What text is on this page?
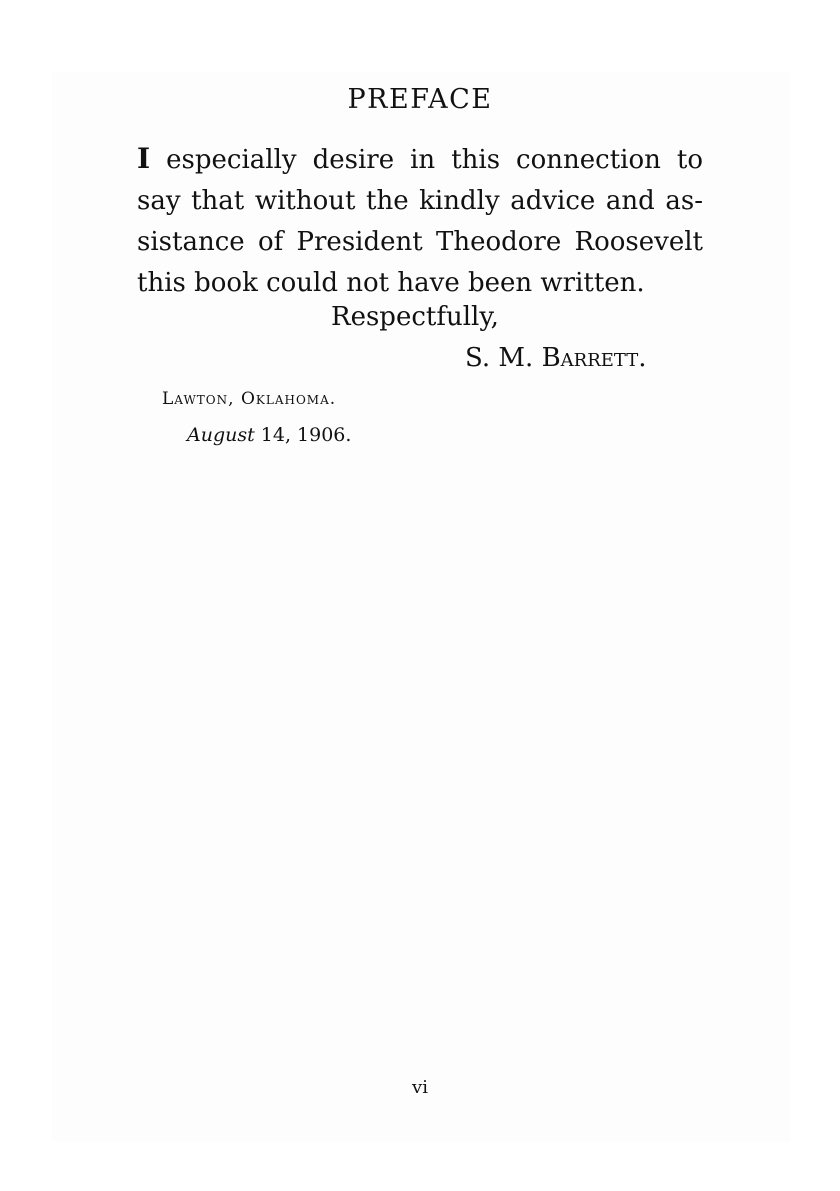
PREFACE

I especially desire in this connection to say that without the kindly advice and assistance of President Theodore Roosevelt this book could not have been written.

Respectfully,

S. M. Barrett.

Lawton, Oklahoma.

August 14, 1906.

vi
